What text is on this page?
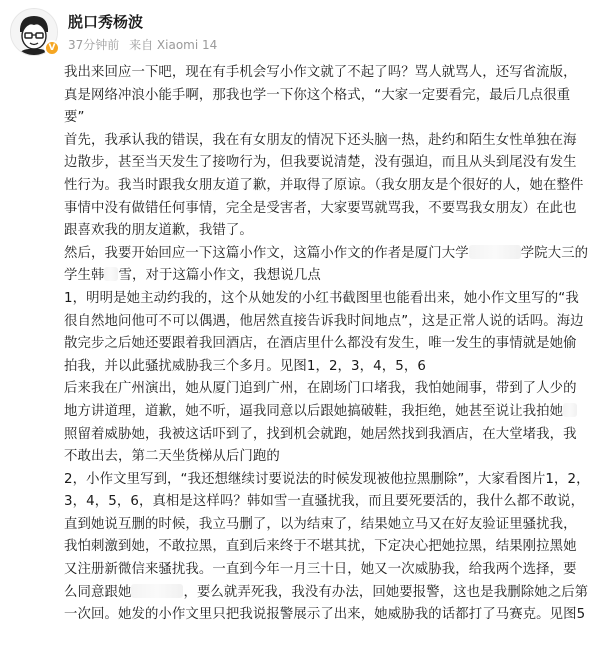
V
脱口秀杨波
37分钟前 来自 Xiaomi 14

我出来回应一下吧，现在有手机会写小作文就了不起了吗？骂人就骂人，还写省流版，真是网络冲浪小能手啊，那我也学一下你这个格式，“大家一定要看完，最后几点很重要”

首先，我承认我的错误，我在有女朋友的情况下还头脑一热，赴约和陌生女性单独在海边散步，甚至当天发生了接吻行为，但我要说清楚，没有强迫，而且从头到尾没有发生性行为。我当时跟我女朋友道了歉，并取得了原谅。（我女朋友是个很好的人，她在整件事情中没有做错任何事情，完全是受害者，大家要骂就骂我，不要骂我女朋友）在此也跟喜欢我的朋友道歉，我错了。

然后，我要开始回应一下这篇小作文，这篇小作文的作者是厦门大学	学院大三的学生韩 雪，对于这篇小作文，我想说几点

1，明明是她主动约我的，这个从她发的小红书截图里也能看出来，她小作文里写的“我很自然地问他可不可以偶遇，他居然直接告诉我时间地点”，这是正常人说的话吗。海边散完步之后她还要跟着我回酒店，在酒店里什么都没有发生，唯一发生的事情就是她偷拍我，并以此骚扰威胁我三个多月。见图1，2，3，4，5，6

后来我在广州演出，她从厦门追到广州，在剧场门口堵我，我怕她闹事，带到了人少的地方讲道理，道歉，她不听，逼我同意以后跟她搞破鞋，我拒绝，她甚至说让我拍她照留着威胁她，我被这话吓到了，找到机会就跑，她居然找到我酒店，在大堂堵我，我不敢出去，第二天坐货梯从后门跑的

2，小作文里写到，“我还想继续讨要说法的时候发现被他拉黑删除”，大家看图片1，2，3，4，5，6，真相是这样吗？韩如雪一直骚扰我，而且要死要活的，我什么都不敢说，直到她说互删的时候，我立马删了，以为结束了，结果她立马又在好友验证里骚扰我，我怕刺激到她，不敢拉黑，直到后来终于不堪其扰，下定决心把她拉黑，结果刚拉黑她又注册新微信来骚扰我。一直到今年一月三十日，她又一次威胁我，给我两个选择，要么同意跟她	，要么就弄死我，我没有办法，回她要报警，这也是我删除她之后第一次回。她发的小作文里只把我说报警展示了出来，她威胁我的话都打了马赛克。见图5
